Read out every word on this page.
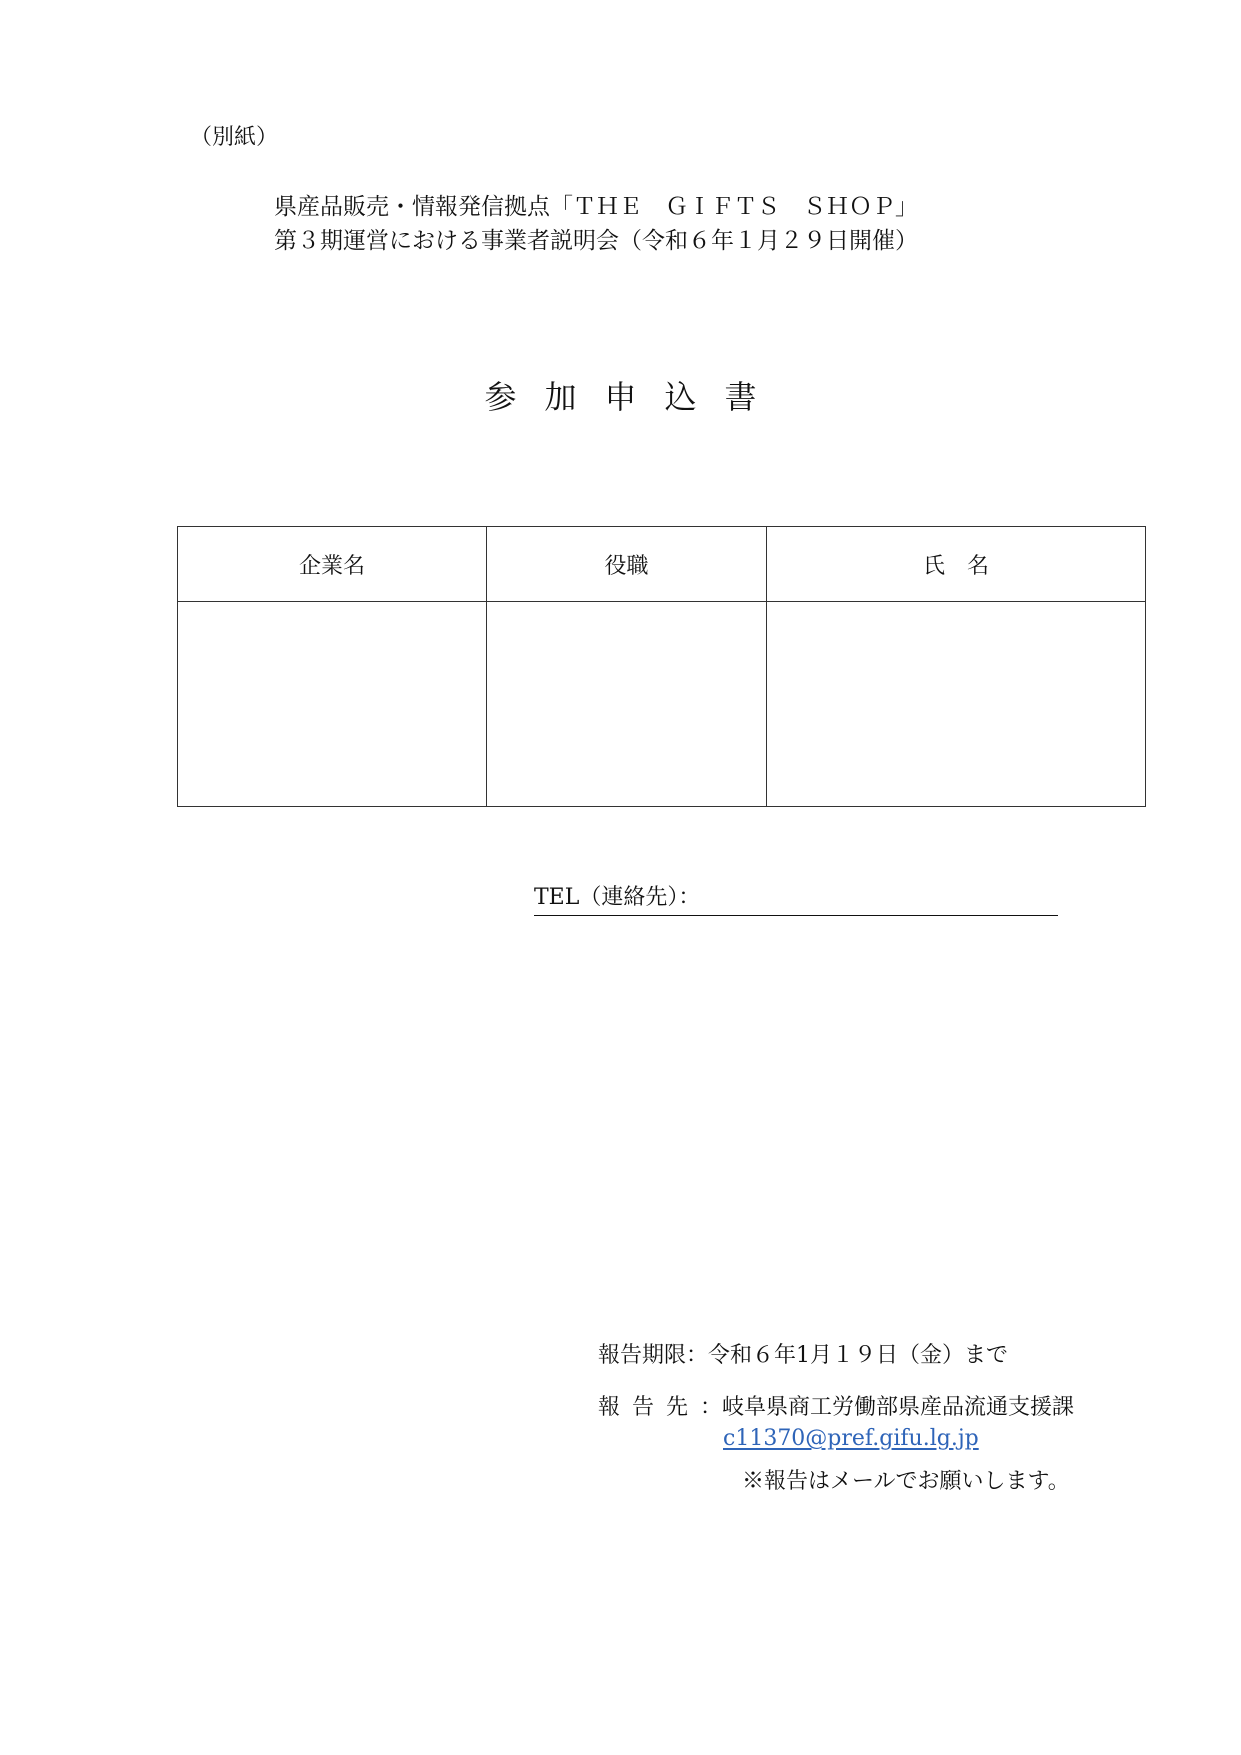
（別紙）
県産品販売・情報発信拠点「ＴＨＥ　ＧＩＦＴＳ　ＳＨＯＰ」
第３期運営における事業者説明会（令和６年１月２９日開催）
参加申込書
企業名	役職	氏　名

TEL（連絡先）：
報告期限：令和６年1月１９日（金）まで
報告先：岐阜県商工労働部県産品流通支援課
c11370@pref.gifu.lg.jp
※報告はメールでお願いします。
